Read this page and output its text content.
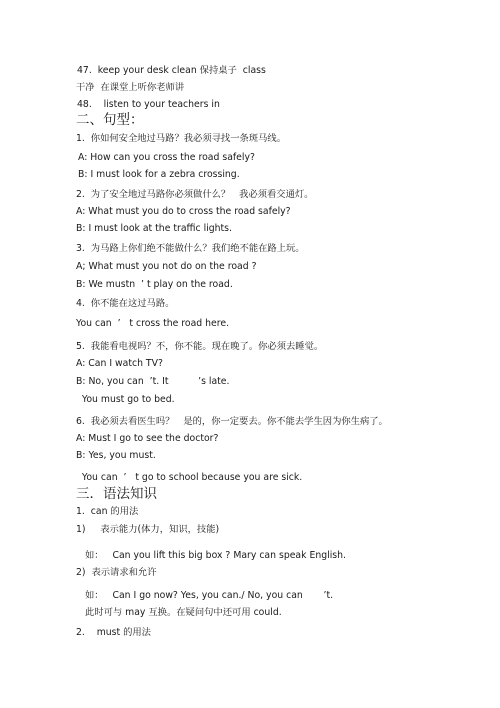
47.  keep your desk clean 保持桌子  class
干净  在课堂上听你老师讲
48.    listen to your teachers in
二、句型：
1.  你如何安全地过马路？我必须寻找一条斑马线。
A: How can you cross the road safely?
B: I must look for a zebra crossing.
2.  为了安全地过马路你必须做什么？   我必须看交通灯。
A: What must you do to cross the road safely?
B: I must look at the traffic lights.
3.  为马路上你们绝不能做什么？我们绝不能在路上玩。
A; What must you not do on the road ?
B: We mustn  ’ t play on the road.
4.  你不能在这过马路。
You can  ’   t cross the road here.
5.  我能看电视吗？不，你不能。现在晚了。你必须去睡觉。
A: Can I watch TV?
B: No, you can  ’t. It          ’s late.
You must go to bed.
6.  我必须去看医生吗？   是的，你一定要去。你不能去学生因为你生病了。
A: Must I go to see the doctor?
B: Yes, you must.
You can  ’   t go to school because you are sick.
三．语法知识
1.  can 的用法
1)     表示能力(体力，知识，技能)
如：   Can you lift this big box ? Mary can speak English.
2)  表示请求和允许
如：   Can I go now? Yes, you can./ No, you can       ’t.
此时可与 may 互换。在疑问句中还可用 could.
2.    must 的用法
